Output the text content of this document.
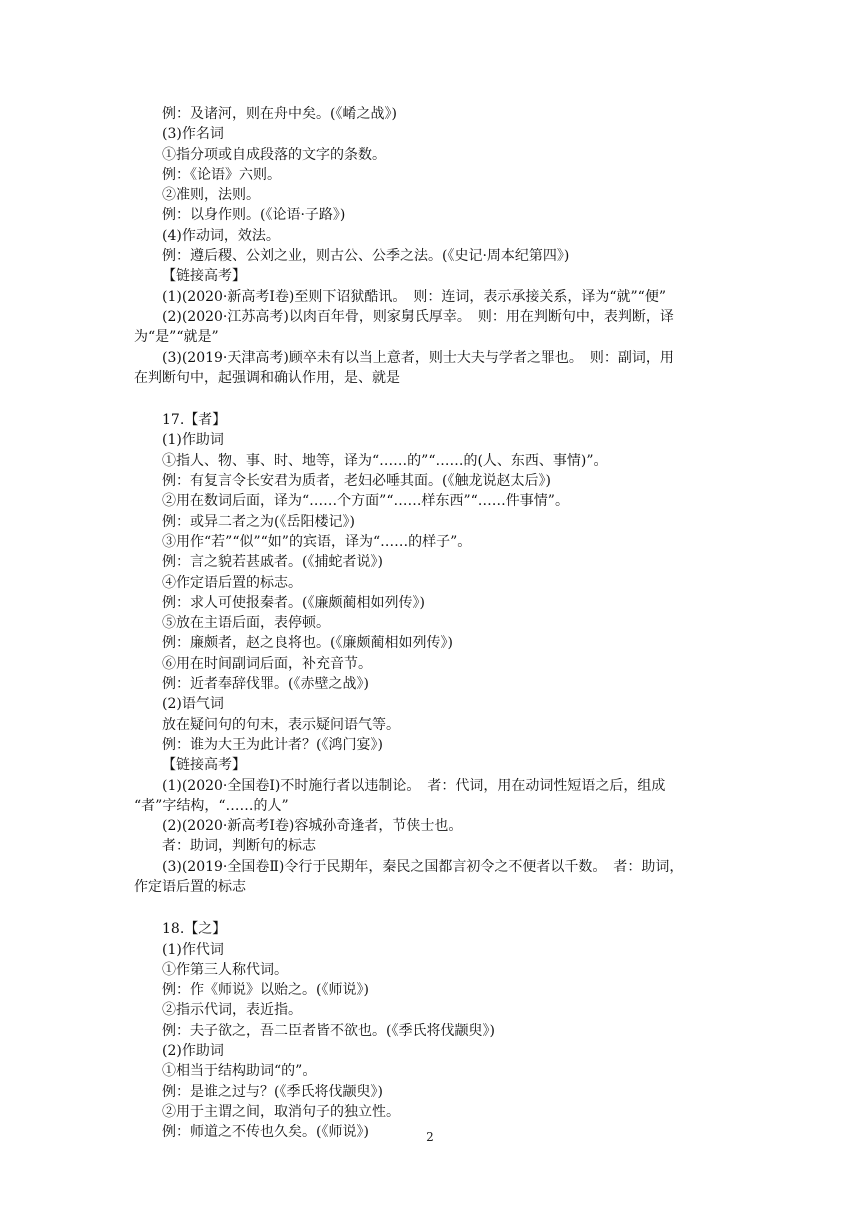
例：及诸河，则在舟中矣。(《崤之战》)
(3)作名词
①指分项或自成段落的文字的条数。
例：《论语》六则。
②准则，法则。
例：以身作则。(《论语·子路》)
(4)作动词，效法。
例：遵后稷、公刘之业，则古公、公季之法。(《史记·周本纪第四》)
【链接高考】
(1)(2020·新高考Ⅰ卷)至则下诏狱酷讯。　则：连词，表示承接关系，译为“就”“便”
(2)(2020·江苏高考)以肉百年骨，则家舅氏厚幸。　则：用在判断句中，表判断，译
为“是”“就是”
(3)(2019·天津高考)顾卒未有以当上意者，则士大夫与学者之罪也。　则：副词，用
在判断句中，起强调和确认作用，是、就是
17.【者】
(1)作助词
①指人、物、事、时、地等，译为“……的”“……的(人、东西、事情)”。
例：有复言令长安君为质者，老妇必唾其面。(《触龙说赵太后》)
②用在数词后面，译为“……个方面”“……样东西”“……件事情”。
例：或异二者之为(《岳阳楼记》)
③用作“若”“似”“如”的宾语，译为“……的样子”。
例：言之貌若甚戚者。(《捕蛇者说》)
④作定语后置的标志。
例：求人可使报秦者。(《廉颇蔺相如列传》)
⑤放在主语后面，表停顿。
例：廉颇者，赵之良将也。(《廉颇蔺相如列传》)
⑥用在时间副词后面，补充音节。
例：近者奉辞伐罪。(《赤壁之战》)
(2)语气词
放在疑问句的句末，表示疑问语气等。
例：谁为大王为此计者？(《鸿门宴》)
【链接高考】
(1)(2020·全国卷Ⅰ)不时施行者以违制论。　者：代词，用在动词性短语之后，组成
“者”字结构，“……的人”
(2)(2020·新高考Ⅰ卷)容城孙奇逢者，节侠士也。
者：助词，判断句的标志
(3)(2019·全国卷Ⅱ)令行于民期年，秦民之国都言初令之不便者以千数。　者：助词，
作定语后置的标志
18.【之】
(1)作代词
①作第三人称代词。
例：作《师说》以贻之。(《师说》)
②指示代词，表近指。
例：夫子欲之，吾二臣者皆不欲也。(《季氏将伐颛臾》)
(2)作助词
①相当于结构助词“的”。
例：是谁之过与？(《季氏将伐颛臾》)
②用于主谓之间，取消句子的独立性。
例：师道之不传也久矣。(《师说》)	2
